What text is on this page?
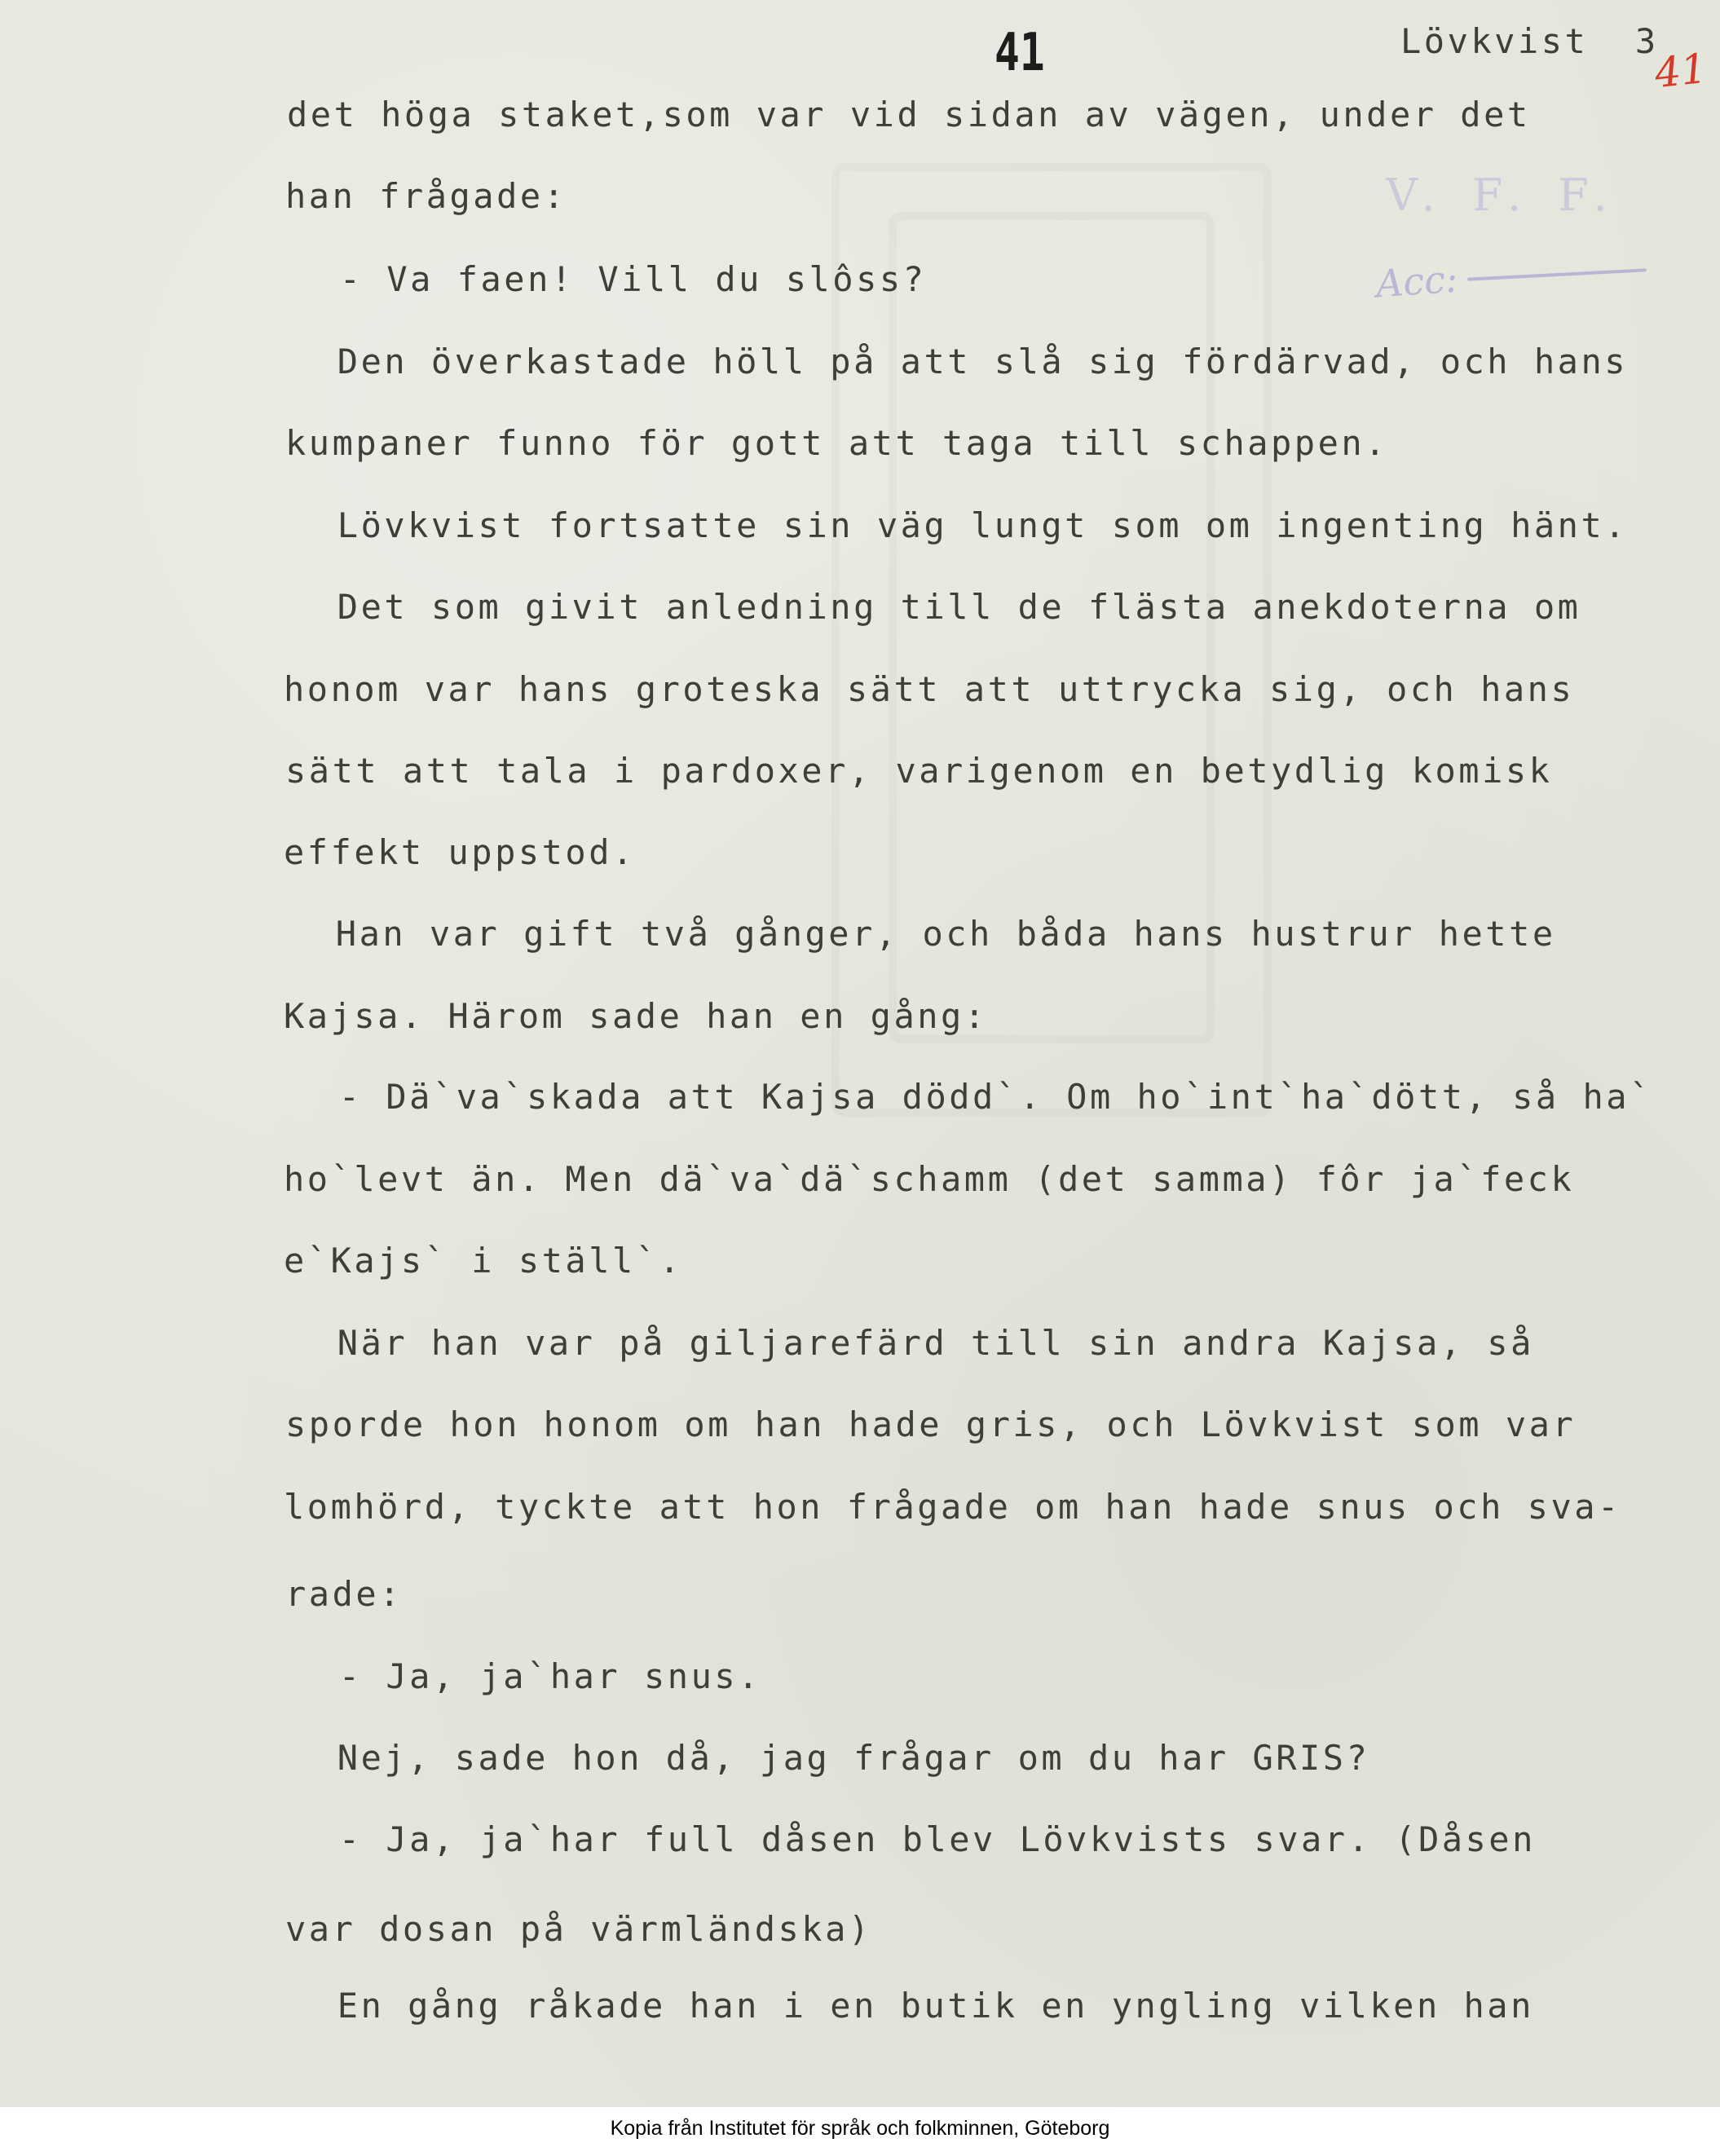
41	Lövkvist  3
41
V. F. F.
Acc:
det höga staket,som var vid sidan av vägen, under det
han frågade:
- Va faen! Vill du slôss?
Den överkastade höll på att slå sig fördärvad, och hans
kumpaner funno för gott att taga till schappen.
Lövkvist fortsatte sin väg lungt som om ingenting hänt.
Det som givit anledning till de flästa anekdoterna om
honom var hans groteska sätt att uttrycka sig, och hans
sätt att tala i pardoxer, varigenom en betydlig komisk
effekt uppstod.
Han var gift två gånger, och båda hans hustrur hette
Kajsa. Härom sade han en gång:
- Dä`va`skada att Kajsa dödd`. Om ho`int`ha`dött, så ha`
ho`levt än. Men dä`va`dä`schamm (det samma) fôr ja`feck
e`Kajs` i ställ`.
När han var på giljarefärd till sin andra Kajsa, så
sporde hon honom om han hade gris, och Lövkvist som var
lomhörd, tyckte att hon frågade om han hade snus och sva-
rade:
- Ja, ja`har snus.
Nej, sade hon då, jag frågar om du har GRIS?
- Ja, ja`har full dåsen blev Lövkvists svar. (Dåsen
var dosan på värmländska)
En gång råkade han i en butik en yngling vilken han
Kopia från Institutet för språk och folkminnen, Göteborg
